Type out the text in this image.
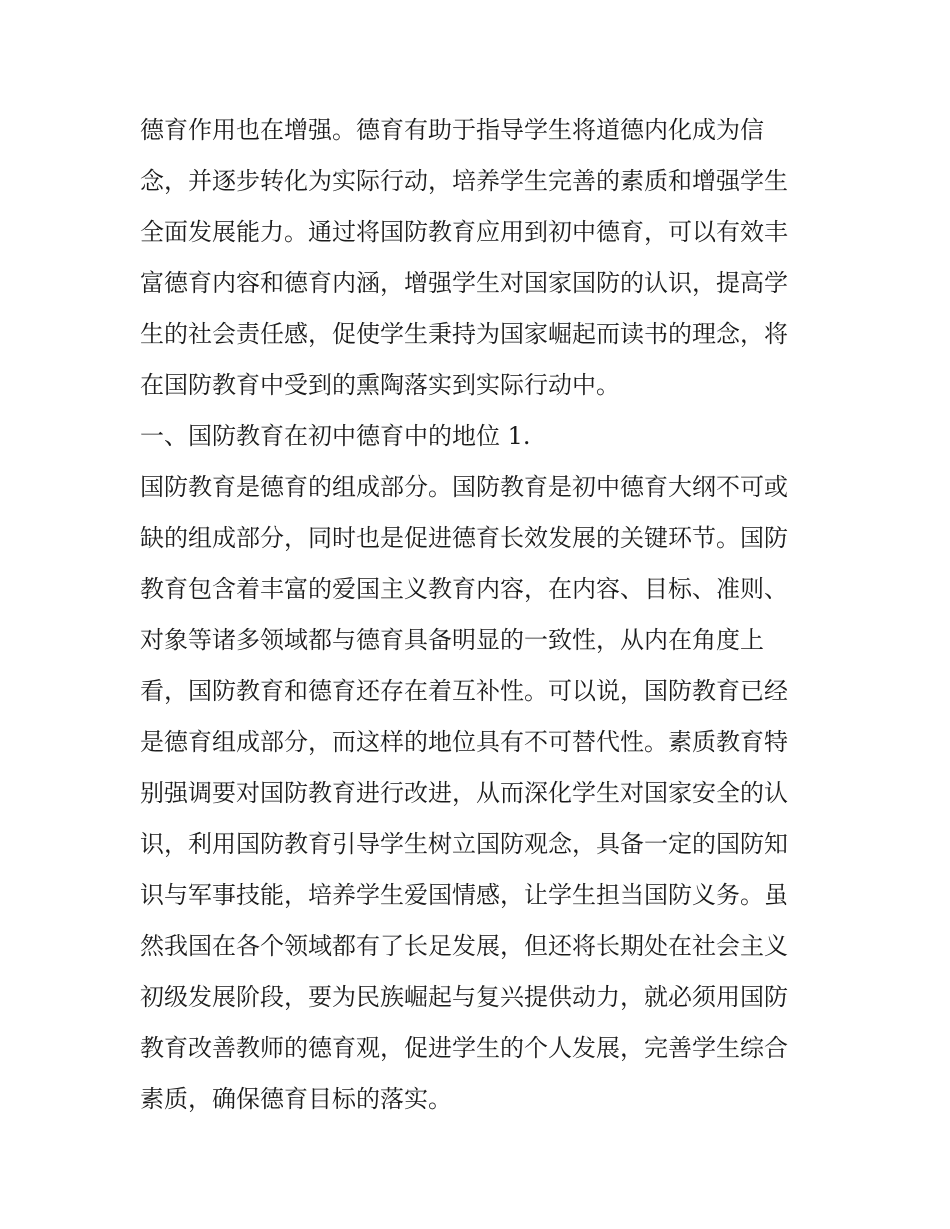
德育作用也在增强。德育有助于指导学生将道德内化成为信
念，并逐步转化为实际行动，培养学生完善的素质和增强学生
全面发展能力。通过将国防教育应用到初中德育，可以有效丰
富德育内容和德育内涵，增强学生对国家国防的认识，提高学
生的社会责任感，促使学生秉持为国家崛起而读书的理念，将
在国防教育中受到的熏陶落实到实际行动中。
一、国防教育在初中德育中的地位 1.
国防教育是德育的组成部分。国防教育是初中德育大纲不可或
缺的组成部分，同时也是促进德育长效发展的关键环节。国防
教育包含着丰富的爱国主义教育内容，在内容、目标、准则、
对象等诸多领域都与德育具备明显的一致性，从内在角度上
看，国防教育和德育还存在着互补性。可以说，国防教育已经
是德育组成部分，而这样的地位具有不可替代性。素质教育特
别强调要对国防教育进行改进，从而深化学生对国家安全的认
识，利用国防教育引导学生树立国防观念，具备一定的国防知
识与军事技能，培养学生爱国情感，让学生担当国防义务。虽
然我国在各个领域都有了长足发展，但还将长期处在社会主义
初级发展阶段，要为民族崛起与复兴提供动力，就必须用国防
教育改善教师的德育观，促进学生的个人发展，完善学生综合
素质，确保德育目标的落实。
